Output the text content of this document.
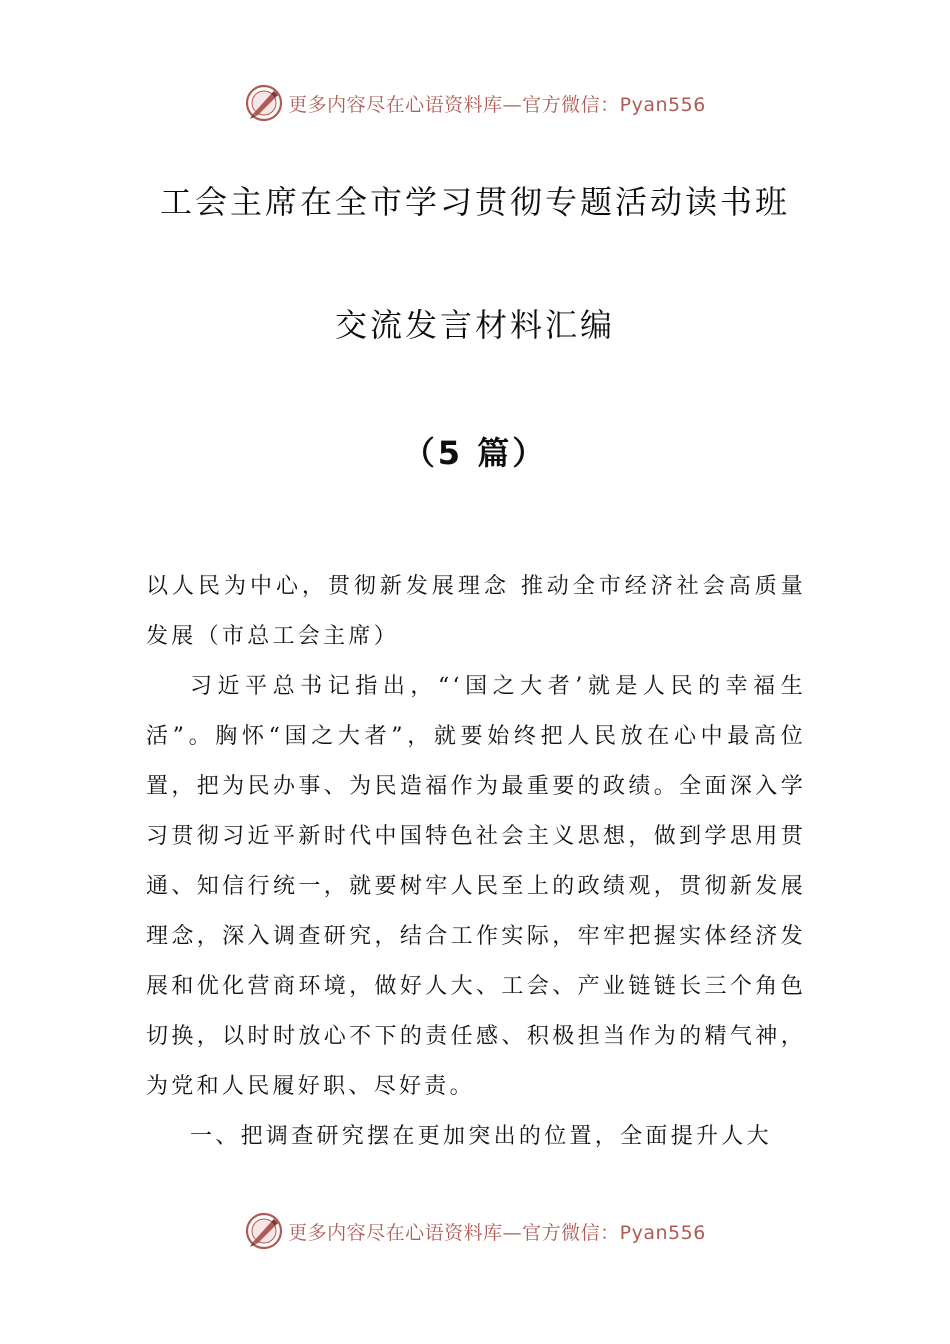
更多内容尽在心语资料库—官方微信：Pyan556
工会主席在全市学习贯彻专题活动读书班
交流发言材料汇编
（5 篇）

以人民为中心，贯彻新发展理念 推动全市经济社会高质量发展（市总工会主席）

习近平总书记指出，“‘国之大者’就是人民的幸福生活”。胸怀“国之大者”，就要始终把人民放在心中最高位置，把为民办事、为民造福作为最重要的政绩。全面深入学习贯彻习近平新时代中国特色社会主义思想，做到学思用贯通、知信行统一，就要树牢人民至上的政绩观，贯彻新发展理念，深入调查研究，结合工作实际，牢牢把握实体经济发展和优化营商环境，做好人大、工会、产业链链长三个角色切换，以时时放心不下的责任感、积极担当作为的精气神，为党和人民履好职、尽好责。

一、把调查研究摆在更加突出的位置，全面提升人大

更多内容尽在心语资料库—官方微信：Pyan556
